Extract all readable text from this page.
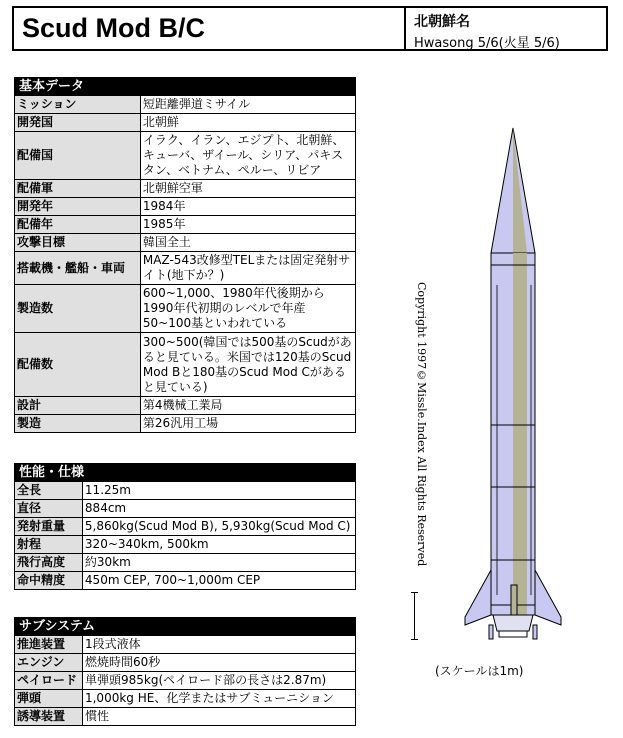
Scud Mod B/C	北朝鮮名
Hwasong 5/6(火星 5/6)
基本データ	
ミッション	短距離弾道ミサイル
開発国	北朝鮮
配備国	イラク、イラン、エジプト、北朝鮮、キューバ、ザイール、シリア、パキスタン、ベトナム、ペルー、リビア
配備軍	北朝鮮空軍
開発年	1984年
配備年	1985年
攻撃目標	韓国全土
搭載機・艦船・車両	MAZ-543改修型TELまたは固定発射サイト(地下か？)
製造数	600~1,000、1980年代後期から1990年代初期のレベルで年産50~100基といわれている
配備数	300~500(韓国では500基のScudがあると見ている。米国では120基のScud Mod Bと180基のScud Mod Cがあると見ている)
設計	第4機械工業局
製造	第26汎用工場
性能・仕様	
全長	11.25m
直径	884cm
発射重量	5,860kg(Scud Mod B), 5,930kg(Scud Mod C)
射程	320~340km, 500km
飛行高度	約30km
命中精度	450m CEP, 700~1,000m CEP
サブシステム	
推進装置	1段式液体
エンジン	燃焼時間60秒
ペイロード	単弾頭985kg(ペイロード部の長さは2.87m)
弾頭	1,000kg HE、化学またはサブミューニション
誘導装置	慣性
Copyright 1997©Missle.Index All Rights Reserved
(スケールは1m)
